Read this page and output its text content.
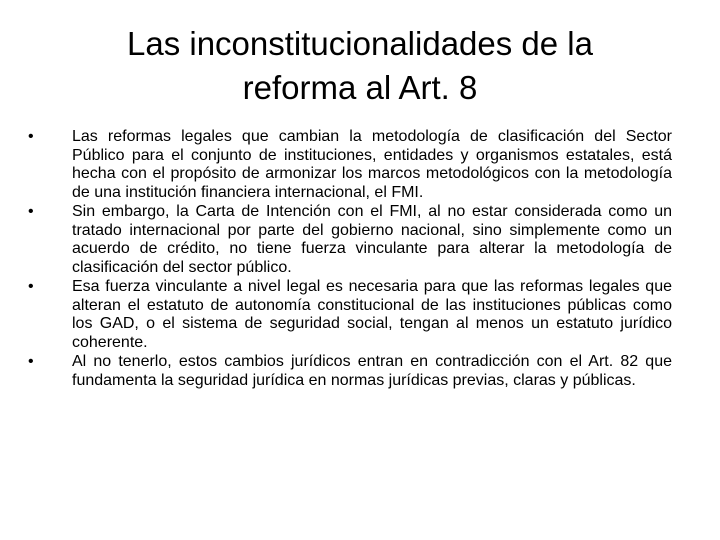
Las inconstitucionalidades de la
reforma al Art. 8
•	Las reformas legales que cambian la metodología de clasificación del Sector Público para el conjunto de instituciones, entidades y organismos estatales, está hecha con el propósito de armonizar los marcos metodológicos con la metodología de una institución financiera internacional, el FMI.
•	Sin embargo, la Carta de Intención con el FMI, al no estar considerada como un tratado internacional por parte del gobierno nacional, sino simplemente como un acuerdo de crédito, no tiene fuerza vinculante para alterar la metodología de clasificación del sector público.
•	Esa fuerza vinculante a nivel legal es necesaria para que las reformas legales que alteran el estatuto de autonomía constitucional de las instituciones públicas como los GAD, o el sistema de seguridad social, tengan al menos un estatuto jurídico coherente.
•	Al no tenerlo, estos cambios jurídicos entran en contradicción con el Art. 82 que fundamenta la seguridad jurídica en normas jurídicas previas, claras y públicas.
